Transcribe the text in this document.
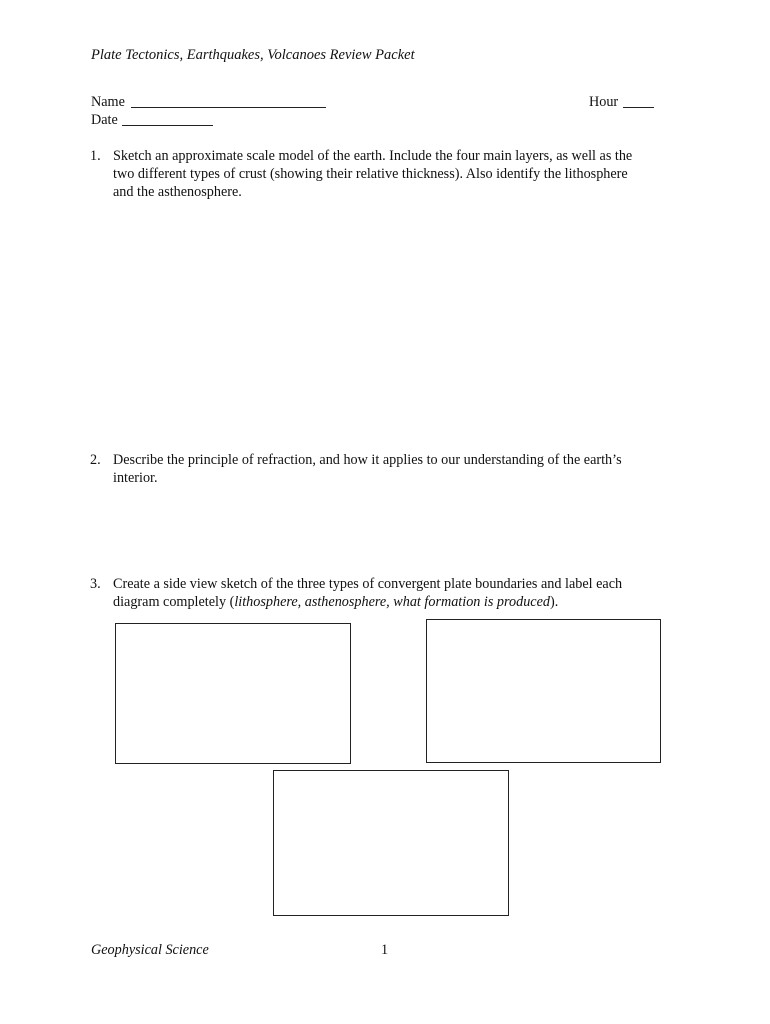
Plate Tectonics, Earthquakes, Volcanoes Review Packet
Name	Hour
Date
1. Sketch an approximate scale model of the earth. Include the four main layers, as well as the
two different types of crust (showing their relative thickness). Also identify the lithosphere
and the asthenosphere.
2. Describe the principle of refraction, and how it applies to our understanding of the earth’s
interior.
3. Create a side view sketch of the three types of convergent plate boundaries and label each
diagram completely (lithosphere, asthenosphere, what formation is produced).
Geophysical Science	1
